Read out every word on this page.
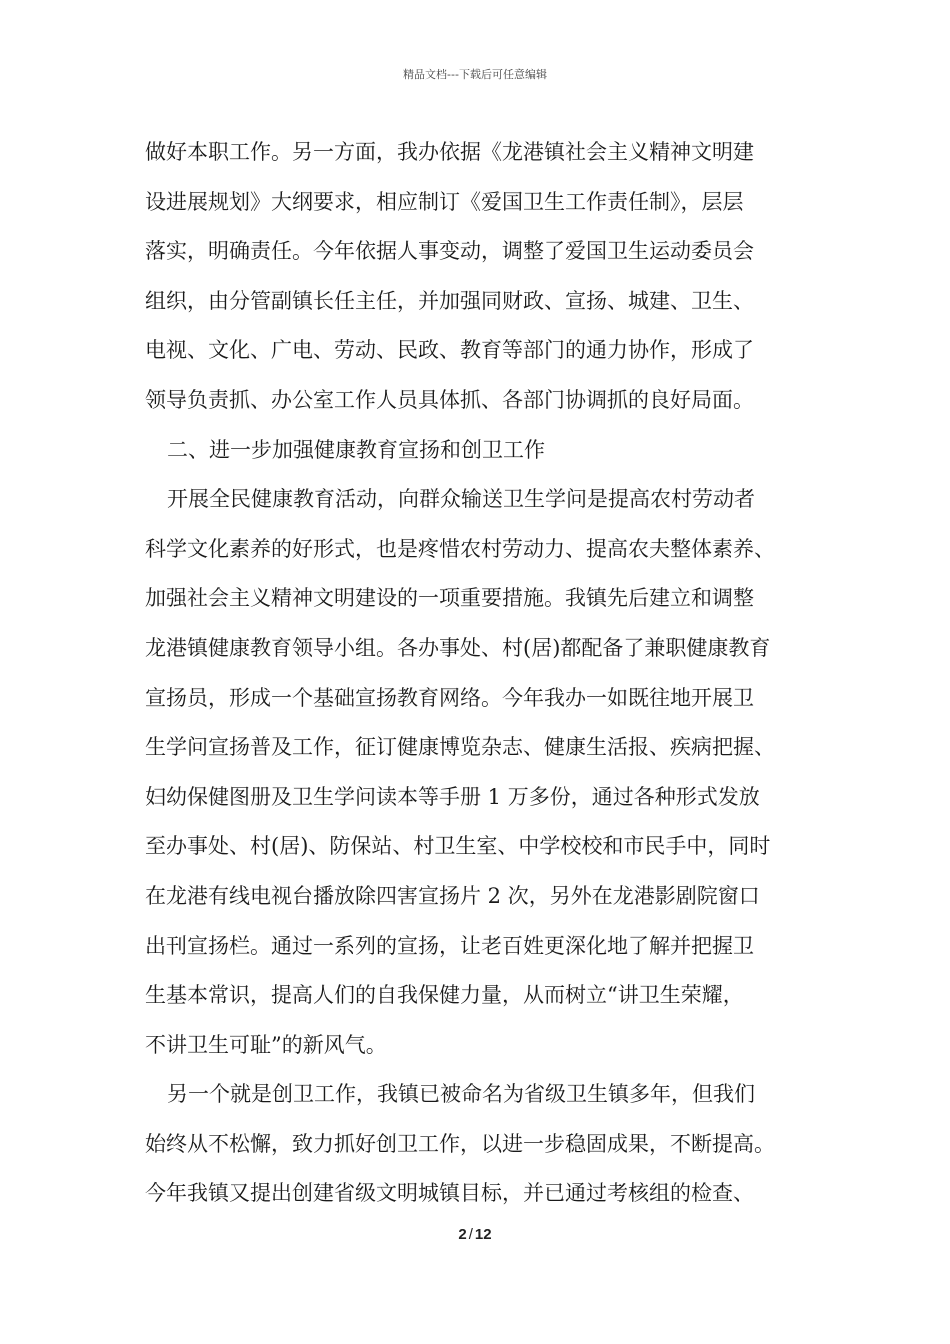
精品文档---下载后可任意编辑
做好本职工作。另一方面，我办依据《龙港镇社会主义精神文明建
设进展规划》大纲要求，相应制订《爱国卫生工作责任制》，层层
落实，明确责任。今年依据人事变动，调整了爱国卫生运动委员会
组织，由分管副镇长任主任，并加强同财政、宣扬、城建、卫生、
电视、文化、广电、劳动、民政、教育等部门的通力协作，形成了
领导负责抓、办公室工作人员具体抓、各部门协调抓的良好局面。
二、进一步加强健康教育宣扬和创卫工作
开展全民健康教育活动，向群众输送卫生学问是提高农村劳动者
科学文化素养的好形式，也是疼惜农村劳动力、提高农夫整体素养、
加强社会主义精神文明建设的一项重要措施。我镇先后建立和调整
龙港镇健康教育领导小组。各办事处、村(居)都配备了兼职健康教育
宣扬员，形成一个基础宣扬教育网络。今年我办一如既往地开展卫
生学问宣扬普及工作，征订健康博览杂志、健康生活报、疾病把握、
妇幼保健图册及卫生学问读本等手册 1 万多份，通过各种形式发放
至办事处、村(居)、防保站、村卫生室、中学校校和市民手中，同时
在龙港有线电视台播放除四害宣扬片 2 次，另外在龙港影剧院窗口
出刊宣扬栏。通过一系列的宣扬，让老百姓更深化地了解并把握卫
生基本常识，提高人们的自我保健力量，从而树立“讲卫生荣耀，
不讲卫生可耻”的新风气。
另一个就是创卫工作，我镇已被命名为省级卫生镇多年，但我们
始终从不松懈，致力抓好创卫工作，以进一步稳固成果，不断提高。
今年我镇又提出创建省级文明城镇目标，并已通过考核组的检查、
2 / 12
